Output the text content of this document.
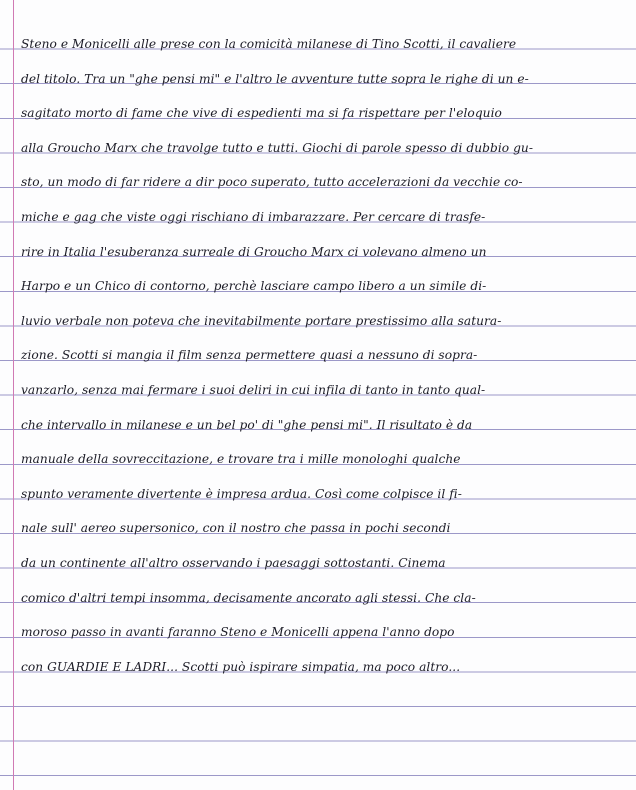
Steno e Monicelli alle prese con la comicità milanese di Tino Scotti, il cavaliere
del titolo. Tra un "ghe pensi mi" e l'altro le avventure tutte sopra le righe di un e-
sagitato morto di fame che vive di espedienti ma si fa rispettare per l'eloquio
alla Groucho Marx che travolge tutto e tutti. Giochi di parole spesso di dubbio gu-
sto, un modo di far ridere a dir poco superato, tutto accelerazioni da vecchie co-
miche e gag che viste oggi rischiano di imbarazzare. Per cercare di trasfe-
rire in Italia l'esuberanza surreale di Groucho Marx ci volevano almeno un
Harpo e un Chico di contorno, perchè lasciare campo libero a un simile di-
luvio verbale non poteva che inevitabilmente portare prestissimo alla satura-
zione. Scotti si mangia il film senza permettere quasi a nessuno di sopra-
vanzarlo, senza mai fermare i suoi deliri in cui infila di tanto in tanto qual-
che intervallo in milanese e un bel po' di "ghe pensi mi". Il risultato è da
manuale della sovreccitazione, e trovare tra i mille monologhi qualche
spunto veramente divertente è impresa ardua. Così come colpisce il fi-
nale sull' aereo supersonico, con il nostro che passa in pochi secondi
da un continente all'altro osservando i paesaggi sottostanti. Cinema
comico d'altri tempi insomma, decisamente ancorato agli stessi. Che cla-
moroso passo in avanti faranno Steno e Monicelli appena l'anno dopo
con GUARDIE E LADRI... Scotti può ispirare simpatia, ma poco altro...
